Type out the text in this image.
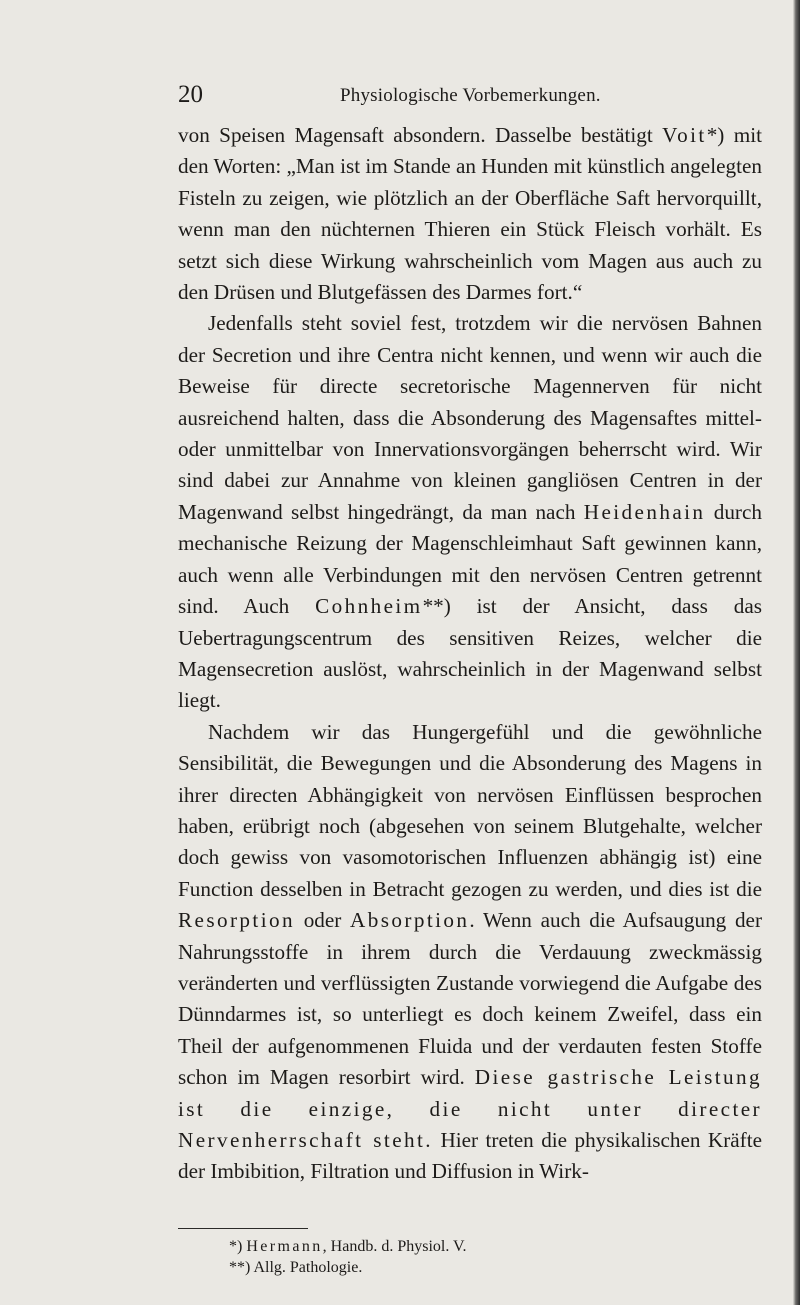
20	Physiologische Vorbemerkungen.

von Speisen Magensaft absondern. Dasselbe bestätigt Voit*) mit den Worten: „Man ist im Stande an Hunden mit künstlich angelegten Fisteln zu zeigen, wie plötzlich an der Oberfläche Saft hervorquillt, wenn man den nüchternen Thieren ein Stück Fleisch vorhält. Es setzt sich diese Wirkung wahrscheinlich vom Magen aus auch zu den Drüsen und Blutgefässen des Darmes fort.“

Jedenfalls steht soviel fest, trotzdem wir die nervösen Bahnen der Secretion und ihre Centra nicht kennen, und wenn wir auch die Beweise für directe secretorische Magennerven für nicht ausreichend halten, dass die Absonderung des Magensaftes mittel- oder unmittelbar von Innervationsvorgängen beherrscht wird. Wir sind dabei zur Annahme von kleinen gangliösen Centren in der Magenwand selbst hingedrängt, da man nach Heidenhain durch mechanische Reizung der Magenschleimhaut Saft gewinnen kann, auch wenn alle Verbindungen mit den nervösen Centren getrennt sind. Auch Cohnheim**) ist der Ansicht, dass das Uebertragungscentrum des sensitiven Reizes, welcher die Magensecretion auslöst, wahrscheinlich in der Magenwand selbst liegt.

Nachdem wir das Hungergefühl und die gewöhnliche Sensibilität, die Bewegungen und die Absonderung des Magens in ihrer directen Abhängigkeit von nervösen Einflüssen besprochen haben, erübrigt noch (abgesehen von seinem Blutgehalte, welcher doch gewiss von vasomotorischen Influenzen abhängig ist) eine Function desselben in Betracht gezogen zu werden, und dies ist die Resorption oder Absorption. Wenn auch die Aufsaugung der Nahrungsstoffe in ihrem durch die Verdauung zweckmässig veränderten und verflüssigten Zustande vorwiegend die Aufgabe des Dünndarmes ist, so unterliegt es doch keinem Zweifel, dass ein Theil der aufgenommenen Fluida und der verdauten festen Stoffe schon im Magen resorbirt wird. Diese gastrische Leistung ist die einzige, die nicht unter directer Nervenherrschaft steht. Hier treten die physikalischen Kräfte der Imbibition, Filtration und Diffusion in Wirk-

*) Hermann, Handb. d. Physiol. V.
**) Allg. Pathologie.
